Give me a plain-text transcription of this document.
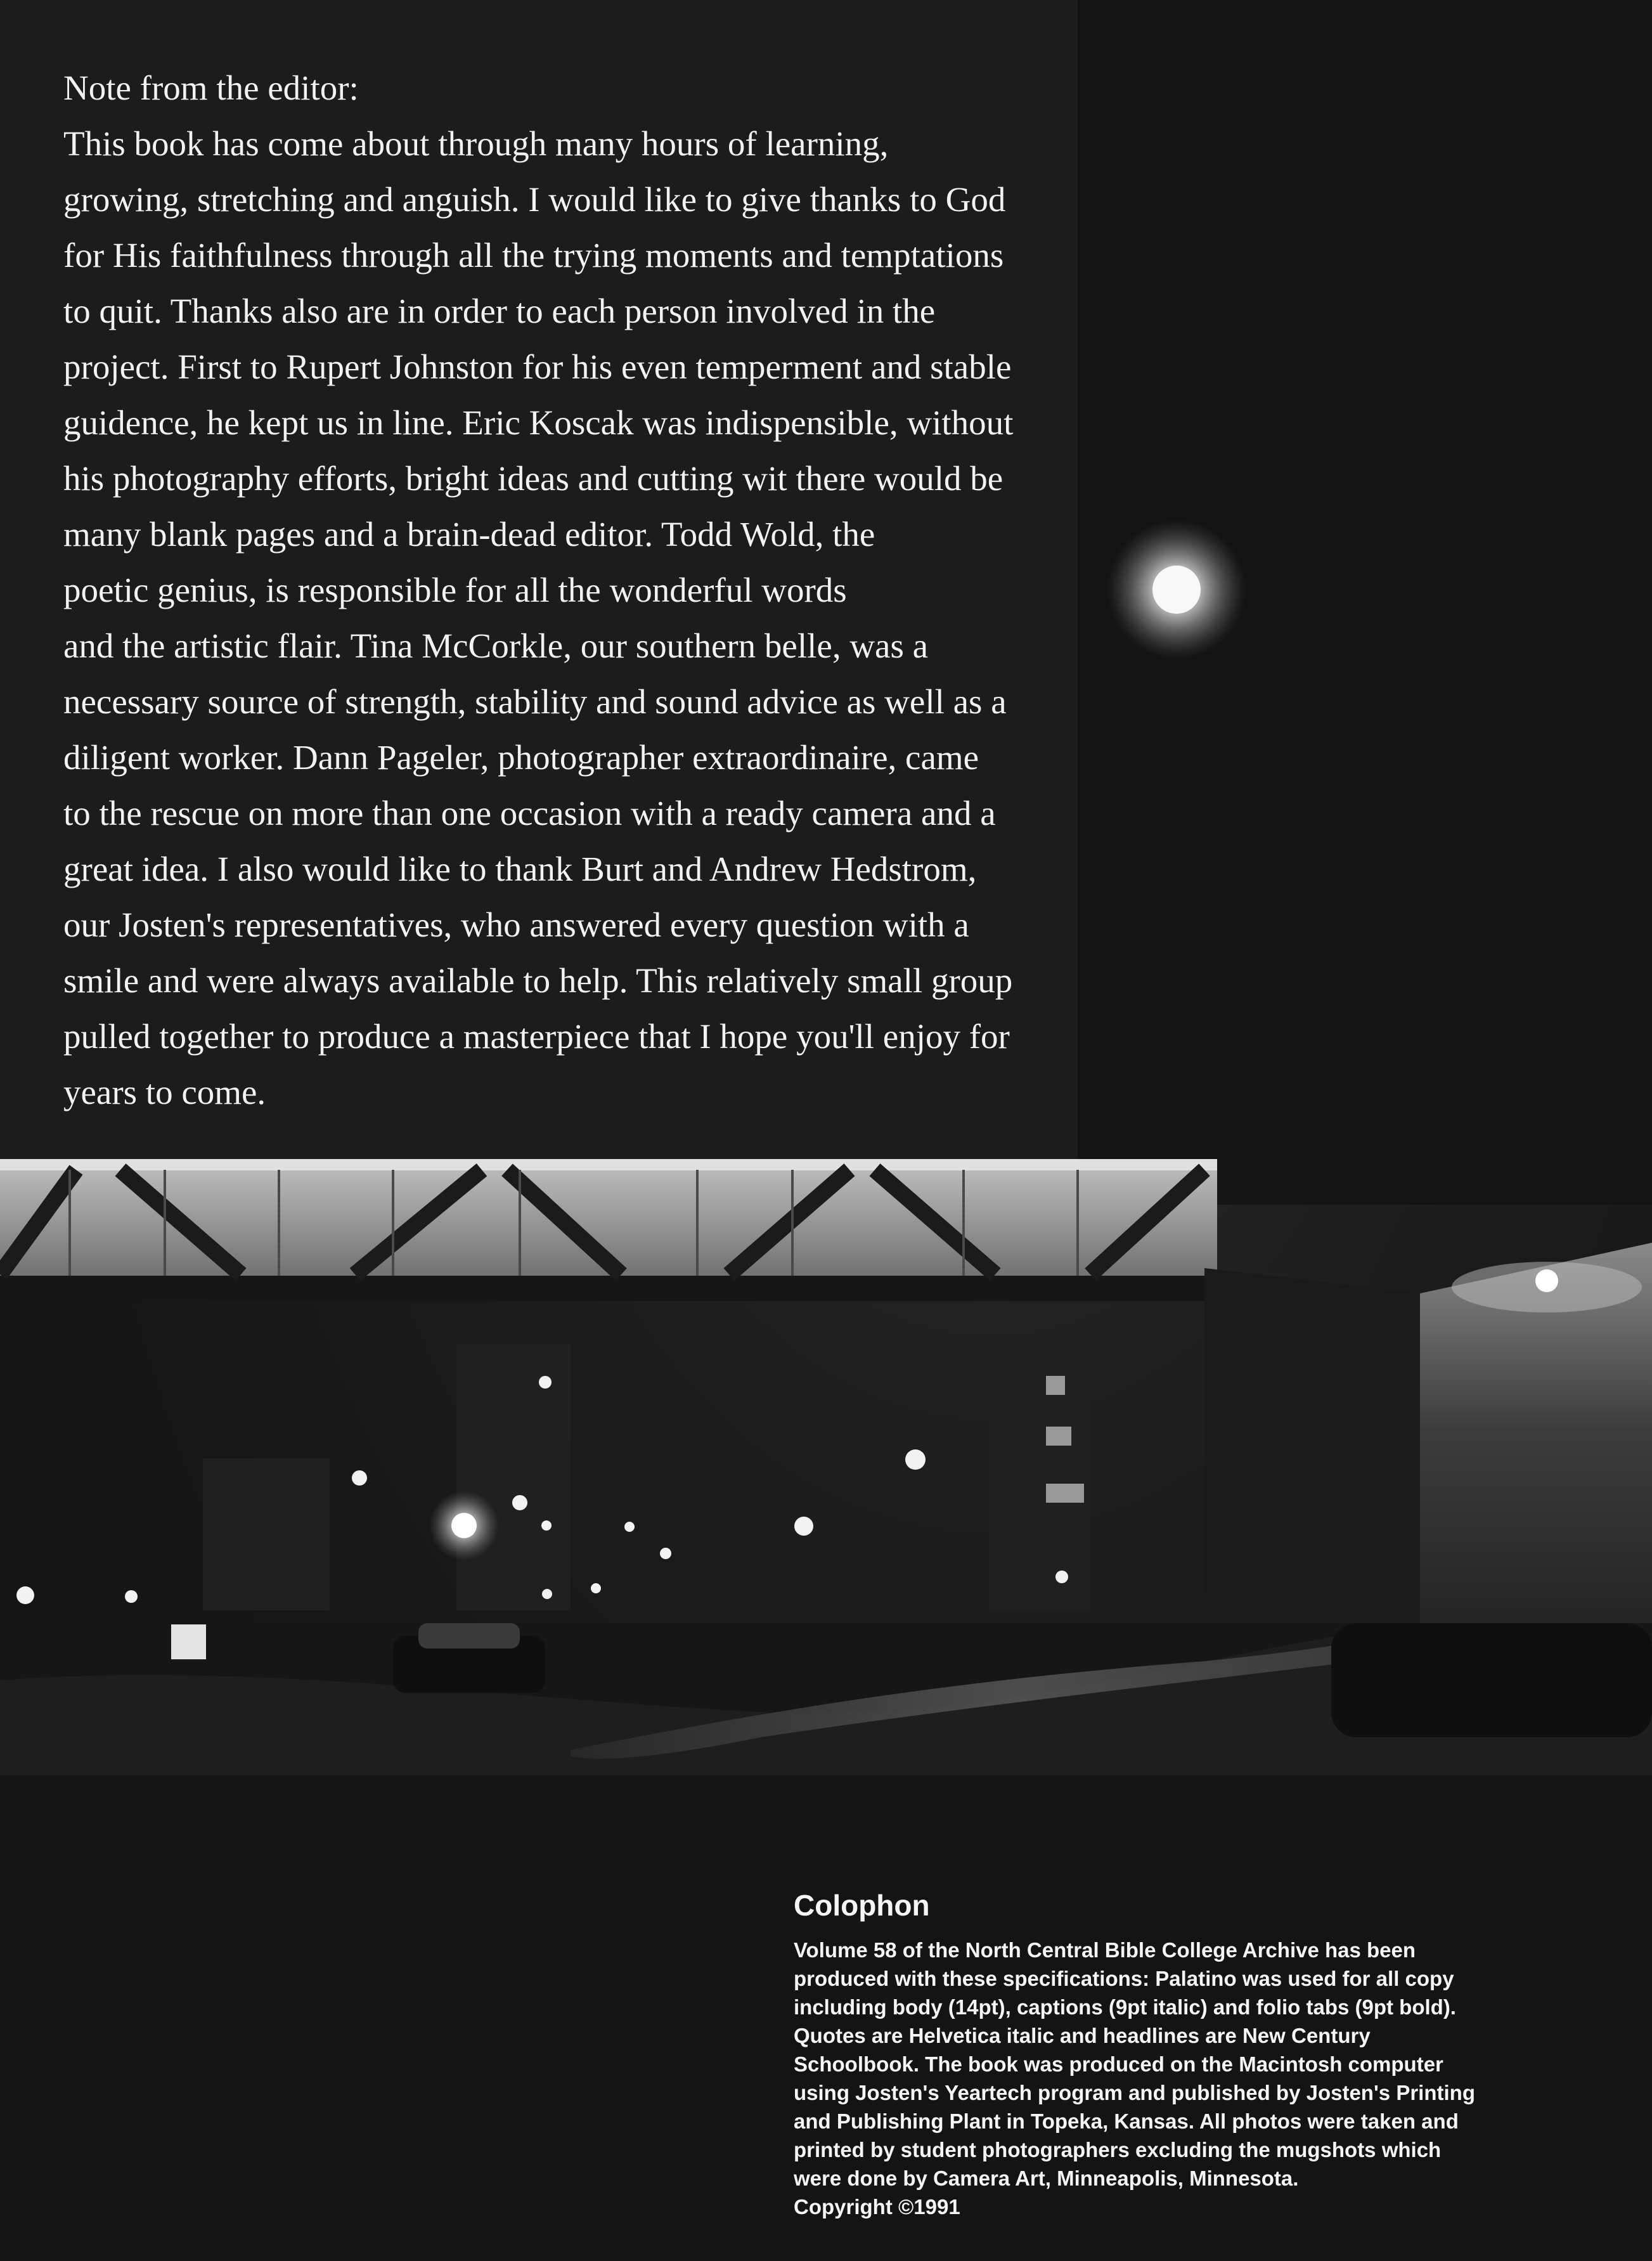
Note from the editor:
This book has come about through many hours of learning,
growing, stretching and anguish. I would like to give thanks to God
for His faithfulness through all the trying moments and temptations
to quit. Thanks also are in order to each person involved in the
project. First to Rupert Johnston for his even temperment and stable
guidence, he kept us in line. Eric Koscak was indispensible, without
his photography efforts, bright ideas and cutting wit there would be
many blank pages and a brain-dead editor. Todd Wold, the
poetic genius, is responsible for all the wonderful words
and the artistic flair. Tina McCorkle, our southern belle, was a
necessary source of strength, stability and sound advice as well as a
diligent worker. Dann Pageler, photographer extraordinaire, came
to the rescue on more than one occasion with a ready camera and a
great idea. I also would like to thank Burt and Andrew Hedstrom,
our Josten's representatives, who answered every question with a
smile and were always available to help. This relatively small group
pulled together to produce a masterpiece that I hope you'll enjoy for
years to come.
Colophon
Volume 58 of the North Central Bible College Archive has been
produced with these specifications: Palatino was used for all copy
including body (14pt), captions (9pt italic) and folio tabs (9pt bold).
Quotes are Helvetica italic and headlines are New Century
Schoolbook. The book was produced on the Macintosh computer
using Josten's Yeartech program and published by Josten's Printing
and Publishing Plant in Topeka, Kansas. All photos were taken and
printed by student photographers excluding the mugshots which
were done by Camera Art, Minneapolis, Minnesota.
Copyright ©1991
